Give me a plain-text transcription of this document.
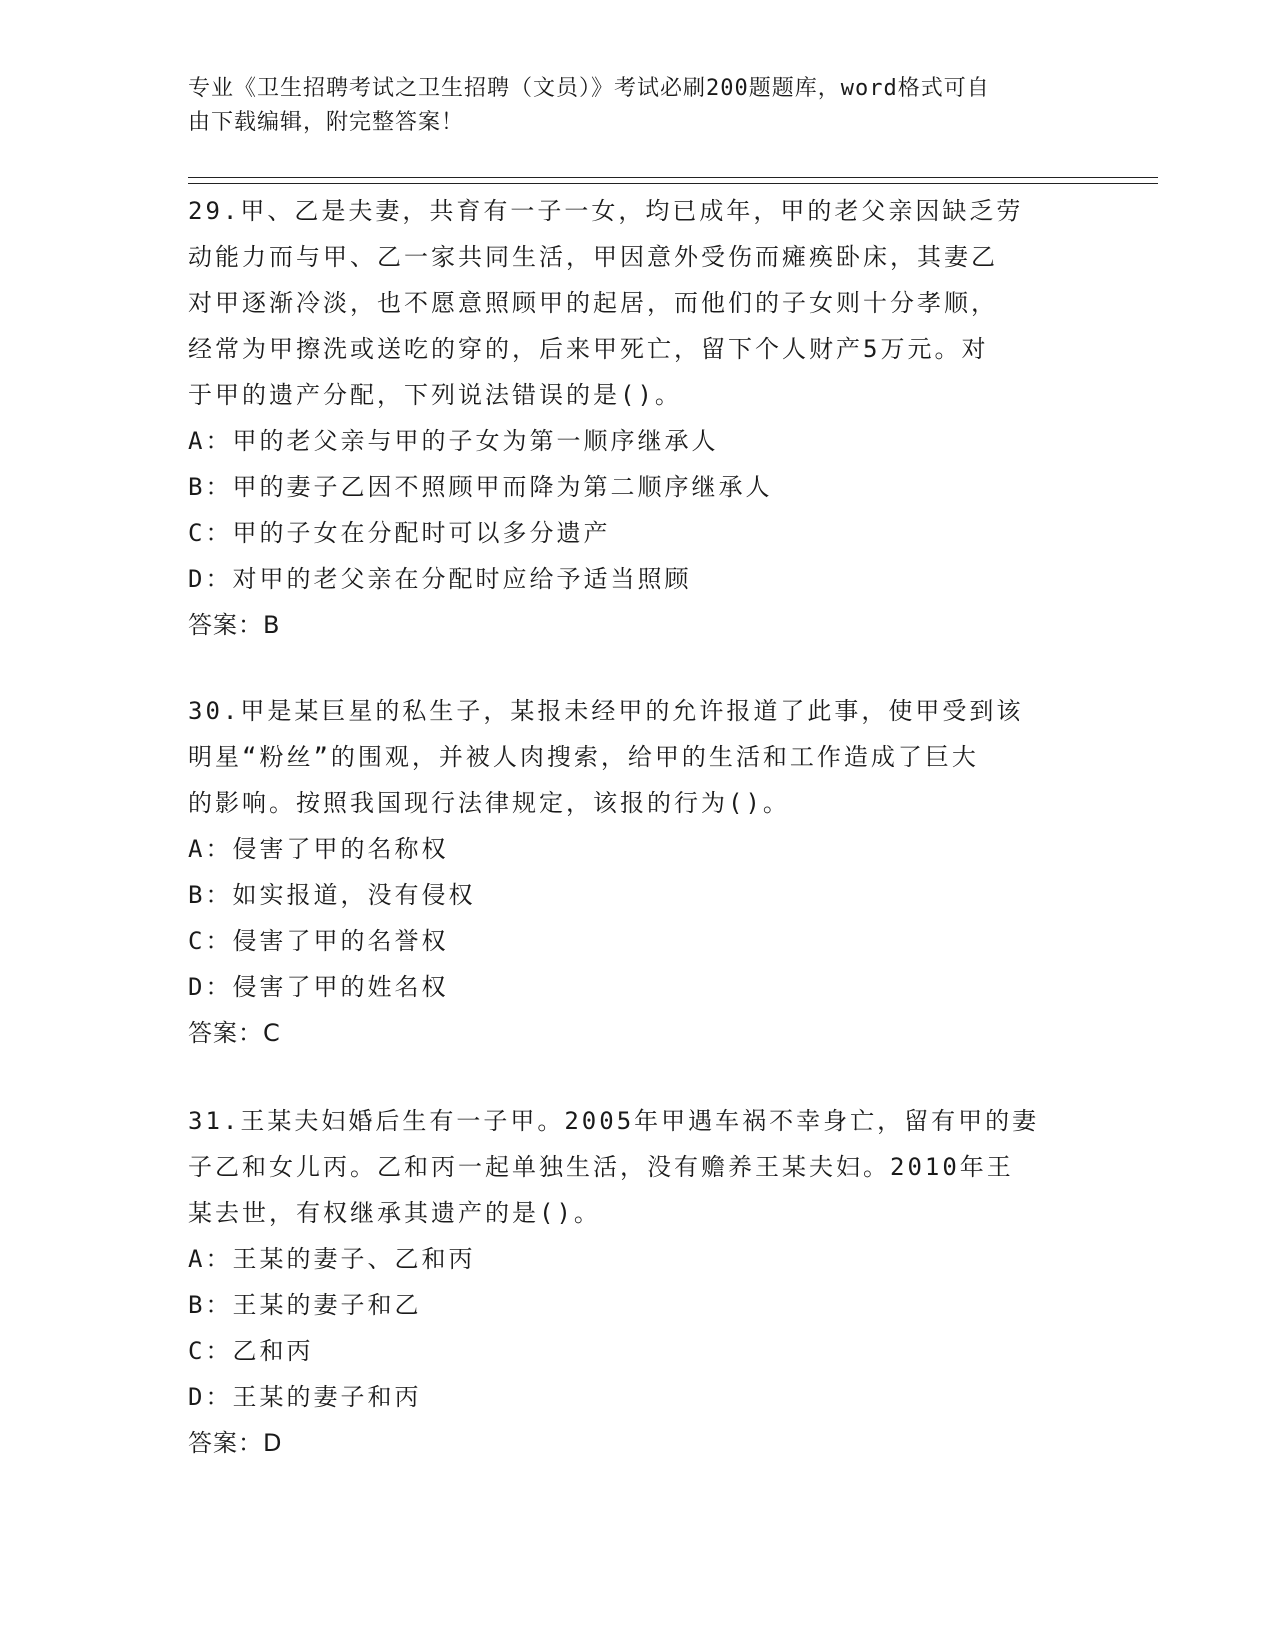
专业《卫生招聘考试之卫生招聘（文员）》考试必刷200题题库，word格式可自
由下载编辑，附完整答案！
29.甲、乙是夫妻，共育有一子一女，均已成年，甲的老父亲因缺乏劳
动能力而与甲、乙一家共同生活，甲因意外受伤而瘫痪卧床，其妻乙
对甲逐渐冷淡，也不愿意照顾甲的起居，而他们的子女则十分孝顺，
经常为甲擦洗或送吃的穿的，后来甲死亡，留下个人财产5万元。对
于甲的遗产分配，下列说法错误的是()。
A：甲的老父亲与甲的子女为第一顺序继承人
B：甲的妻子乙因不照顾甲而降为第二顺序继承人
C：甲的子女在分配时可以多分遗产
D：对甲的老父亲在分配时应给予适当照顾
答案：B
30.甲是某巨星的私生子，某报未经甲的允许报道了此事，使甲受到该
明星“粉丝”的围观，并被人肉搜索，给甲的生活和工作造成了巨大
的影响。按照我国现行法律规定，该报的行为()。
A：侵害了甲的名称权
B：如实报道，没有侵权
C：侵害了甲的名誉权
D：侵害了甲的姓名权
答案：C
31.王某夫妇婚后生有一子甲。2005年甲遇车祸不幸身亡，留有甲的妻
子乙和女儿丙。乙和丙一起单独生活，没有赡养王某夫妇。2010年王
某去世，有权继承其遗产的是()。
A：王某的妻子、乙和丙
B：王某的妻子和乙
C：乙和丙
D：王某的妻子和丙
答案：D
